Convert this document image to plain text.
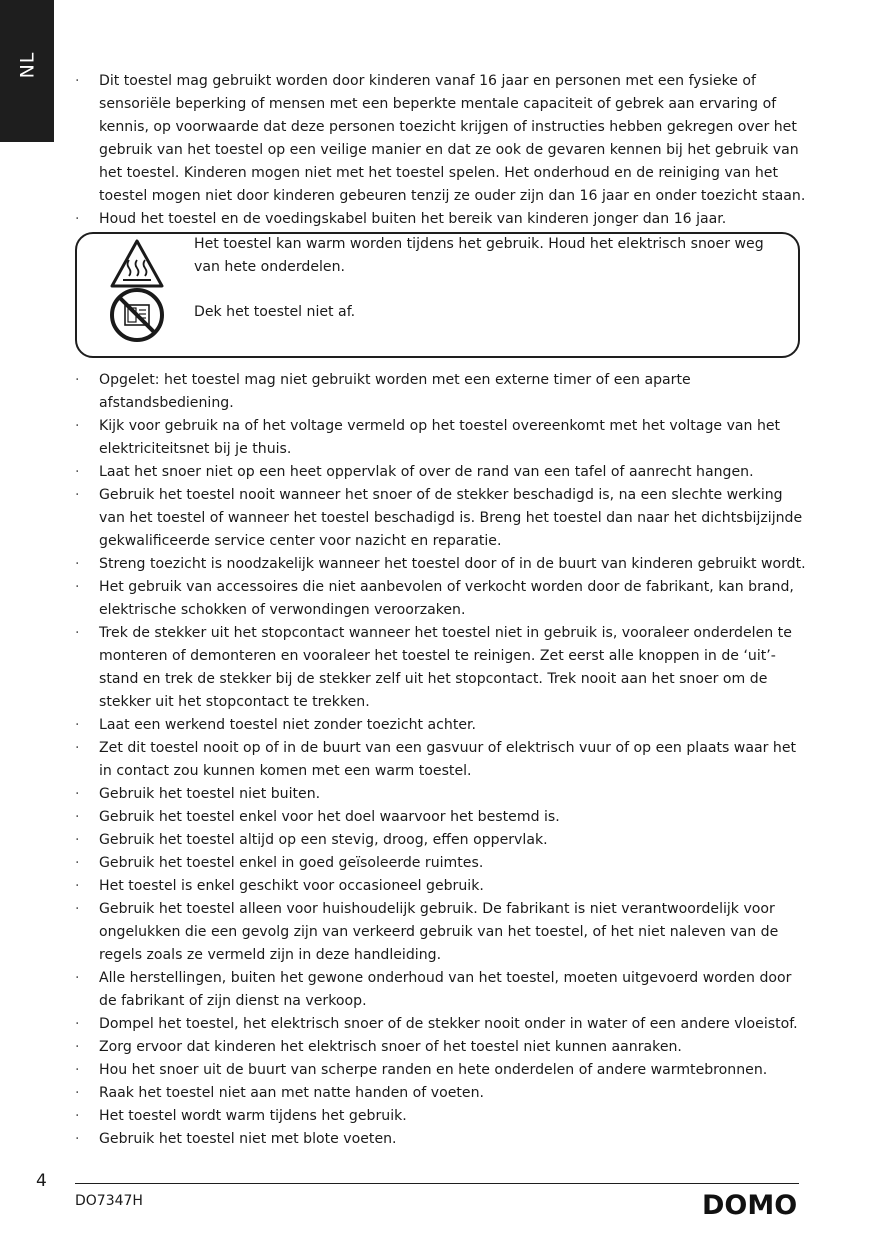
NL
·	Dit toestel mag gebruikt worden door kinderen vanaf 16 jaar en personen met een fysieke of sensoriële beperking of mensen met een beperkte mentale capaciteit of gebrek aan ervaring of kennis, op voorwaarde dat deze personen toezicht krijgen of instructies hebben gekregen over het gebruik van het toestel op een veilige manier en dat ze ook de gevaren kennen bij het gebruik van het toestel. Kinderen mogen niet met het toestel spelen. Het onderhoud en de reiniging van het toestel mogen niet door kinderen gebeuren tenzij ze ouder zijn dan 16 jaar en onder toezicht staan.
·	Houd het toestel en de voedingskabel buiten het bereik van kinderen jonger dan 16 jaar.
Het toestel kan warm worden tijdens het gebruik. Houd het elektrisch snoer weg van hete onderdelen.
Dek het toestel niet af.
·	Opgelet: het toestel mag niet gebruikt worden met een externe timer of een aparte afstandsbediening.
·	Kijk voor gebruik na of het voltage vermeld op het toestel overeenkomt met het voltage van het elektriciteitsnet bij je thuis.
·	Laat het snoer niet op een heet oppervlak of over de rand van een tafel of aanrecht hangen.
·	Gebruik het toestel nooit wanneer het snoer of de stekker beschadigd is, na een slechte werking van het toestel of wanneer het toestel beschadigd is. Breng het toestel dan naar het dichtsbijzijnde gekwalificeerde service center voor nazicht en reparatie.
·	Streng toezicht is noodzakelijk wanneer het toestel door of in de buurt van kinderen gebruikt wordt.
·	Het gebruik van accessoires die niet aanbevolen of verkocht worden door de fabrikant, kan brand, elektrische schokken of verwondingen veroorzaken.
·	Trek de stekker uit het stopcontact wanneer het toestel niet in gebruik is, vooraleer onderdelen te monteren of demonteren en vooraleer het toestel te reinigen. Zet eerst alle knoppen in de ‘uit’-stand en trek de stekker bij de stekker zelf uit het stopcontact. Trek nooit aan het snoer om de stekker uit het stopcontact te trekken.
·	Laat een werkend toestel niet zonder toezicht achter.
·	Zet dit toestel nooit op of in de buurt van een gasvuur of elektrisch vuur of op een plaats waar het in contact zou kunnen komen met een warm toestel.
·	Gebruik het toestel niet buiten.
·	Gebruik het toestel enkel voor het doel waarvoor het bestemd is.
·	Gebruik het toestel altijd op een stevig, droog, effen oppervlak.
·	Gebruik het toestel enkel in goed geïsoleerde ruimtes.
·	Het toestel is enkel geschikt voor occasioneel gebruik.
·	Gebruik het toestel alleen voor huishoudelijk gebruik. De fabrikant is niet verantwoordelijk voor ongelukken die een gevolg zijn van verkeerd gebruik van het toestel, of het niet naleven van de regels zoals ze vermeld zijn in deze handleiding.
·	Alle herstellingen, buiten het gewone onderhoud van het toestel, moeten uitgevoerd worden door de fabrikant of zijn dienst na verkoop.
·	Dompel het toestel, het elektrisch snoer of de stekker nooit onder in water of een andere vloeistof.
·	Zorg ervoor dat kinderen het elektrisch snoer of het toestel niet kunnen aanraken.
·	Hou het snoer uit de buurt van scherpe randen en hete onderdelen of andere warmtebronnen.
·	Raak het toestel niet aan met natte handen of voeten.
·	Het toestel wordt warm tijdens het gebruik.
·	Gebruik het toestel niet met blote voeten.
4
DO7347H	DOMO
